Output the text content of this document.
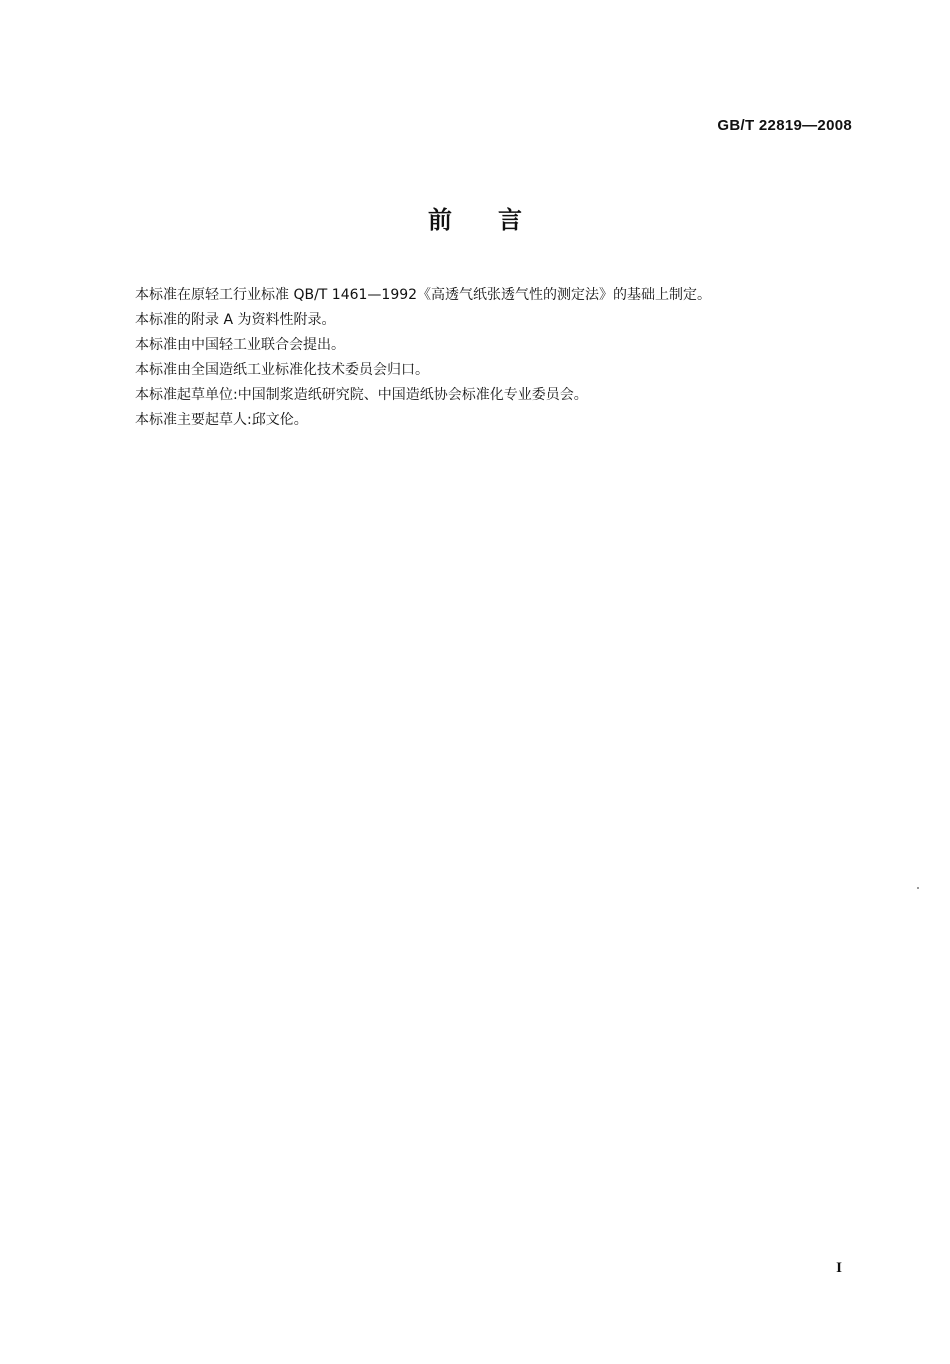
GB/T 22819—2008
前言
本标准在原轻工行业标准 QB/T 1461—1992《高透气纸张透气性的测定法》的基础上制定。
本标准的附录 A 为资料性附录。
本标准由中国轻工业联合会提出。
本标准由全国造纸工业标准化技术委员会归口。
本标准起草单位:中国制浆造纸研究院、中国造纸协会标准化专业委员会。
本标准主要起草人:邱文伦。
I
